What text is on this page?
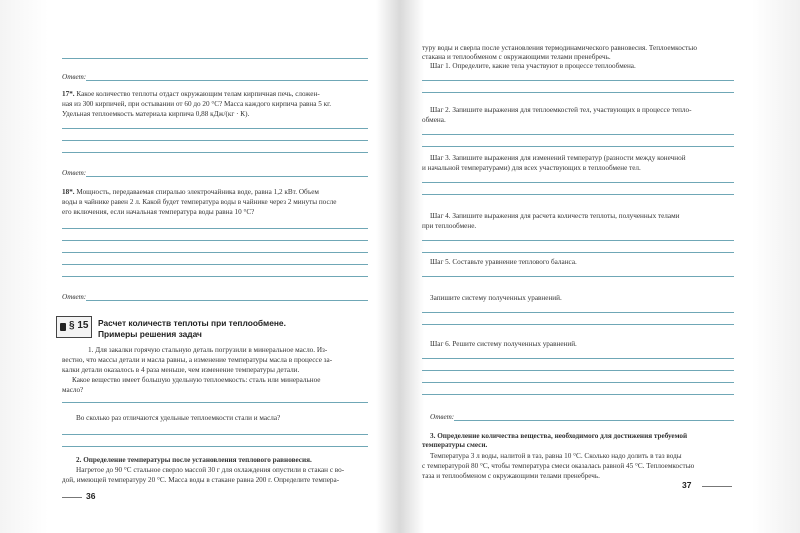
Ответ:
17*. Какое количество теплоты отдаст окружающим телам кирпичная печь, сложен-
ная из 300 кирпичей, при остывании от 60 до 20 °С? Масса каждого кирпича равна 5 кг.
Удельная теплоемкость материала кирпича 0,88 кДж/(кг · К).
Ответ:
18*. Мощность, передаваемая спиралью электрочайника воде, равна 1,2 кВт. Объем
воды в чайнике равен 2 л. Какой будет температура воды в чайнике через 2 минуты после
его включения, если начальная температура воды равна 10 °С?
Ответ:
§ 15 Расчет количеств теплоты при теплообмене.
Примеры решения задач
1. Для закалки горячую стальную деталь погрузили в минеральное масло. Из-
вестно, что массы детали и масла равны, а изменение температуры масла в процессе за-
калки детали оказалось в 4 раза меньше, чем изменение температуры детали.
Какое вещество имеет большую удельную теплоемкость: сталь или минеральное
масло?
Во сколько раз отличаются удельные теплоемкости стали и масла?
2. Определение температуры после установления теплового равновесия.
Нагретое до 90 °С стальное сверло массой 30 г для охлаждения опустили в стакан с во-
дой, имеющей температуру 20 °С. Масса воды в стакане равна 200 г. Определите темпера-
36
туру воды и сверла после установления термодинамического равновесия. Теплоемкостью
стакана и теплообменом с окружающими телами пренебречь.
Шаг 1. Определите, какие тела участвуют в процессе теплообмена.
Шаг 2. Запишите выражения для теплоемкостей тел, участвующих в процессе тепло-
обмена.
Шаг 3. Запишите выражения для изменений температур (разности между конечной
и начальной температурами) для всех участвующих в теплообмене тел.
Шаг 4. Запишите выражения для расчета количеств теплоты, полученных телами
при теплообмене.
Шаг 5. Составьте уравнение теплового баланса.
Запишите систему полученных уравнений.
Шаг 6. Решите систему полученных уравнений.
Ответ:
3. Определение количества вещества, необходимого для достижения требуемой
температуры смеси.
Температура 3 л воды, налитой в таз, равна 10 °С. Сколько надо долить в таз воды
с температурой 80 °С, чтобы температура смеси оказалась равной 45 °С. Теплоемкостью
таза и теплообменом с окружающими телами пренебречь.
37
